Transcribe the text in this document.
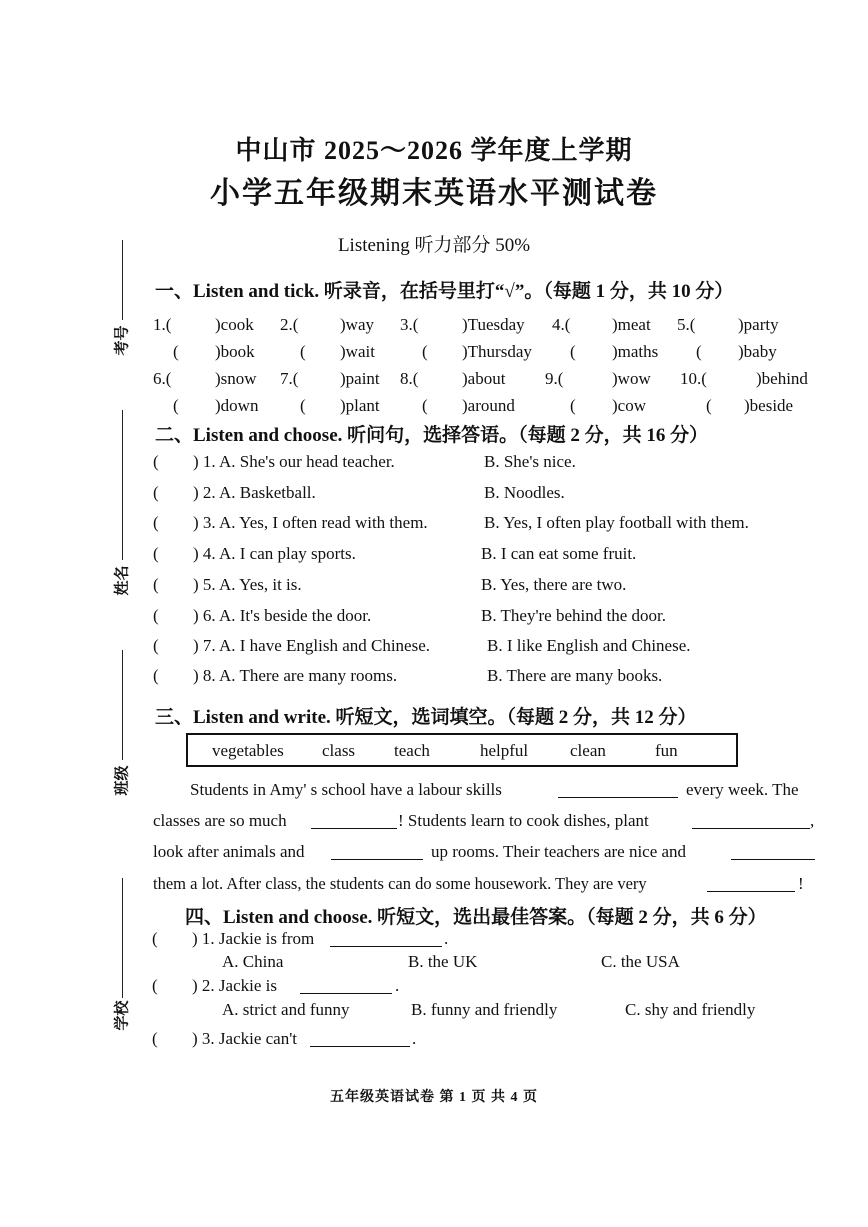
中山市 2025～2026 学年度上学期
小学五年级期末英语水平测试卷
Listening 听力部分 50%
考号
姓名
班级
学校
一、Listen and tick. 听录音，在括号里打“√”。（每题 1 分，共 10 分）
1.(	)cook 2.( )way 3.(	)Tuesday 4.( )meat 5.(	)party
( )book	( )wait	( )Thursday ( )maths ( )baby
6.(	)snow 7.( )paint 8.(	)about 9.(	)wow 10.(	)behind
( )down ( )plant ( )around	( )cow	( )beside
二、Listen and choose. 听问句，选择答语。（每题 2 分，共 16 分）
( ) 1. A. She's our head teacher.	B. She's nice.
( ) 2. A. Basketball.	B. Noodles.
( ) 3. A. Yes, I often read with them.	B. Yes, I often play football with them.
( ) 4. A. I can play sports.	B. I can eat some fruit.
( ) 5. A. Yes, it is.	B. Yes, there are two.
( ) 6. A. It's beside the door.	B. They're behind the door.
( ) 7. A. I have English and Chinese.	B. I like English and Chinese.
( ) 8. A. There are many rooms.	B. There are many books.
三、Listen and write. 听短文，选词填空。（每题 2 分，共 12 分）
vegetables class teach	helpful clean	fun
Students in Amy' s school have a labour skills	every week. The
classes are so much	! Students learn to cook dishes, plant	,
look after animals and	up rooms. Their teachers are nice and
them a lot. After class, the students can do some housework. They are very	!
四、Listen and choose. 听短文，选出最佳答案。（每题 2 分，共 6 分）
( ) 1. Jackie is from	.
A. China	B. the UK	C. the USA
( ) 2. Jackie is	.
A. strict and funny	B. funny and friendly	C. shy and friendly
( ) 3. Jackie can't	.
五年级英语试卷 第 1 页 共 4 页
